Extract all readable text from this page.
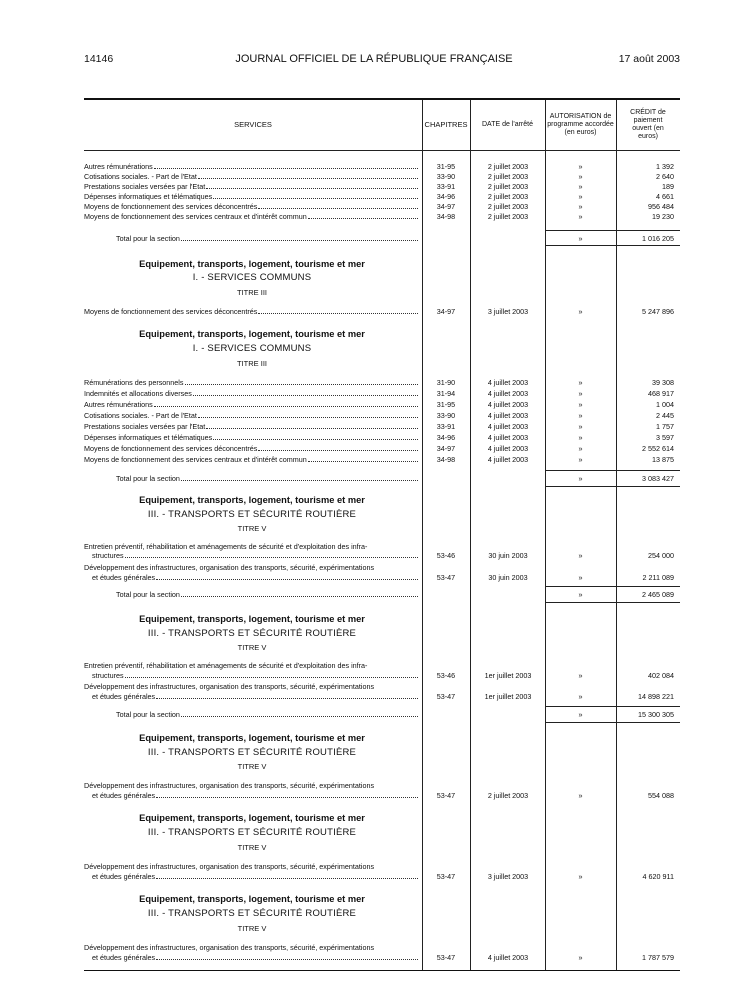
14146	JOURNAL OFFICIEL DE LA RÉPUBLIQUE FRANÇAISE	17 août 2003
SERVICES	CHAPITRES	DATE de l'arrêté
AUTORISATION de programme accordée (en euros)
CRÉDIT de paiement ouvert (en euros)
Autres rémunérations	31-95	2 juillet 2003	»	1 392
Cotisations sociales. - Part de l'Etat	33-90	2 juillet 2003	»	2 640
Prestations sociales versées par l'Etat	33-91	2 juillet 2003	»	189
Dépenses informatiques et télématiques	34-96	2 juillet 2003	»	4 661
Moyens de fonctionnement des services déconcentrés	34-97	2 juillet 2003	»	956 484
Moyens de fonctionnement des services centraux et d'intérêt commun	34-98	2 juillet 2003	»	19 230
Total pour la section	»	1 016 205
Equipement, transports, logement, tourisme et mer
I. - SERVICES COMMUNS
TITRE III
Moyens de fonctionnement des services déconcentrés	34-97	3 juillet 2003	»	5 247 896
Equipement, transports, logement, tourisme et mer
I. - SERVICES COMMUNS
TITRE III
Rémunérations des personnels	31-90	4 juillet 2003	»	39 308
Indemnités et allocations diverses	31-94	4 juillet 2003	»	468 917
Autres rémunérations	31-95	4 juillet 2003	»	1 004
Cotisations sociales. - Part de l'Etat	33-90	4 juillet 2003	»	2 445
Prestations sociales versées par l'Etat	33-91	4 juillet 2003	»	1 757
Dépenses informatiques et télématiques	34-96	4 juillet 2003	»	3 597
Moyens de fonctionnement des services déconcentrés	34-97	4 juillet 2003	»	2 552 614
Moyens de fonctionnement des services centraux et d'intérêt commun	34-98	4 juillet 2003	»	13 875
Total pour la section	»	3 083 427
Equipement, transports, logement, tourisme et mer
III. - TRANSPORTS ET SÉCURITÉ ROUTIÈRE
TITRE V
Entretien préventif, réhabilitation et aménagements de sécurité et d'exploitation des infra-
structures	53-46	30 juin 2003	»	254 000
Développement des infrastructures, organisation des transports, sécurité, expérimentations
et études générales	53-47	30 juin 2003	»	2 211 089
Total pour la section	»	2 465 089
Equipement, transports, logement, tourisme et mer
III. - TRANSPORTS ET SÉCURITÉ ROUTIÈRE
TITRE V
Entretien préventif, réhabilitation et aménagements de sécurité et d'exploitation des infra-
structures	53-46	1er juillet 2003	»	402 084
Développement des infrastructures, organisation des transports, sécurité, expérimentations
et études générales	53-47	1er juillet 2003	»	14 898 221
Total pour la section	»	15 300 305
Equipement, transports, logement, tourisme et mer
III. - TRANSPORTS ET SÉCURITÉ ROUTIÈRE
TITRE V
Développement des infrastructures, organisation des transports, sécurité, expérimentations
et études générales	53-47	2 juillet 2003	»	554 088
Equipement, transports, logement, tourisme et mer
III. - TRANSPORTS ET SÉCURITÉ ROUTIÈRE
TITRE V
Développement des infrastructures, organisation des transports, sécurité, expérimentations
et études générales	53-47	3 juillet 2003	»	4 620 911
Equipement, transports, logement, tourisme et mer
III. - TRANSPORTS ET SÉCURITÉ ROUTIÈRE
TITRE V
Développement des infrastructures, organisation des transports, sécurité, expérimentations
et études générales	53-47	4 juillet 2003	»	1 787 579
